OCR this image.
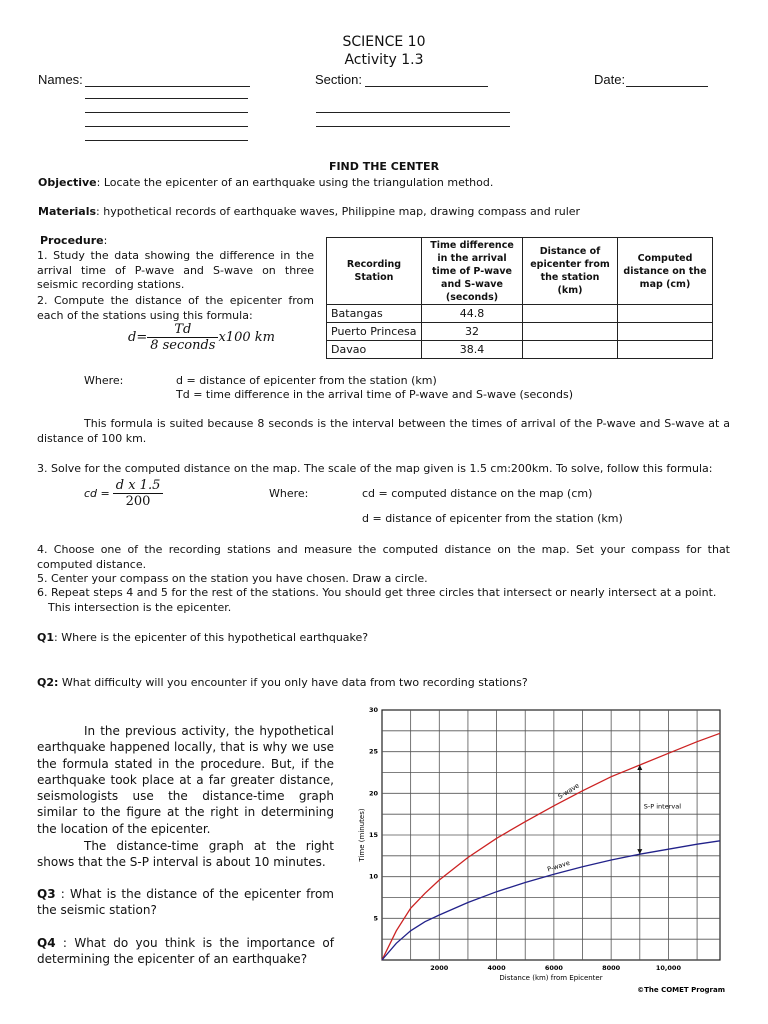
SCIENCE 10
Activity 1.3
Names:	Section:	Date:
FIND THE CENTER
Objective: Locate the epicenter of an earthquake using the triangulation method.
Materials: hypothetical records of earthquake waves, Philippine map, drawing compass and ruler
Procedure:
1. Study the data showing the difference in the arrival time of P-wave and S-wave on three seismic recording stations.
2. Compute the distance of the epicenter from each of the stations using this formula:
$d= \frac{Td}{\text{8 seconds}} x100$ km
Recording Station	Time difference in the arrival time of P-wave and S-wave (seconds)	Distance of epicenter from the station (km)	Computed distance on the map (cm)
Batangas	44.8		
Puerto Princesa	32		
Davao	38.4		
Where:	d = distance of epicenter from the station (km)
Td = time difference in the arrival time of P-wave and S-wave (seconds)
This formula is suited because 8 seconds is the interval between the times of arrival of the P-wave and S-wave at a distance of 100 km.
3. Solve for the computed distance on the map. The scale of the map given is 1.5 cm:200km. To solve, follow this formula:
cd = $\frac{\text{d x 1.5}}{200}$	Where:	cd = computed distance on the map (cm)
d = distance of epicenter from the station (km)
4. Choose one of the recording stations and measure the computed distance on the map. Set your compass for that computed distance.
5. Center your compass on the station you have chosen. Draw a circle.
6. Repeat steps 4 and 5 for the rest of the stations. You should get three circles that intersect or nearly intersect at a point.
This intersection is the epicenter.
Q1: Where is the epicenter of this hypothetical earthquake?
Q2: What difficulty will you encounter if you only have data from two recording stations?
In the previous activity, the hypothetical earthquake happened locally, that is why we use the formula stated in the procedure. But, if the earthquake took place at a far greater distance, seismologists use the distance-time graph similar to the figure at the right in determining the location of the epicenter.
The distance-time graph at the right shows that the S-P interval is about 10 minutes.
Q3 : What is the distance of the epicenter from the seismic station?
Q4 : What do you think is the importance of determining the epicenter of an earthquake?
2000	4000	6000	8000	10,000
5
10
15
20
25
30
Distance (km) from Epicenter
Time (minutes)
©The COMET Program
S-wave
P-wave
S-P interval
